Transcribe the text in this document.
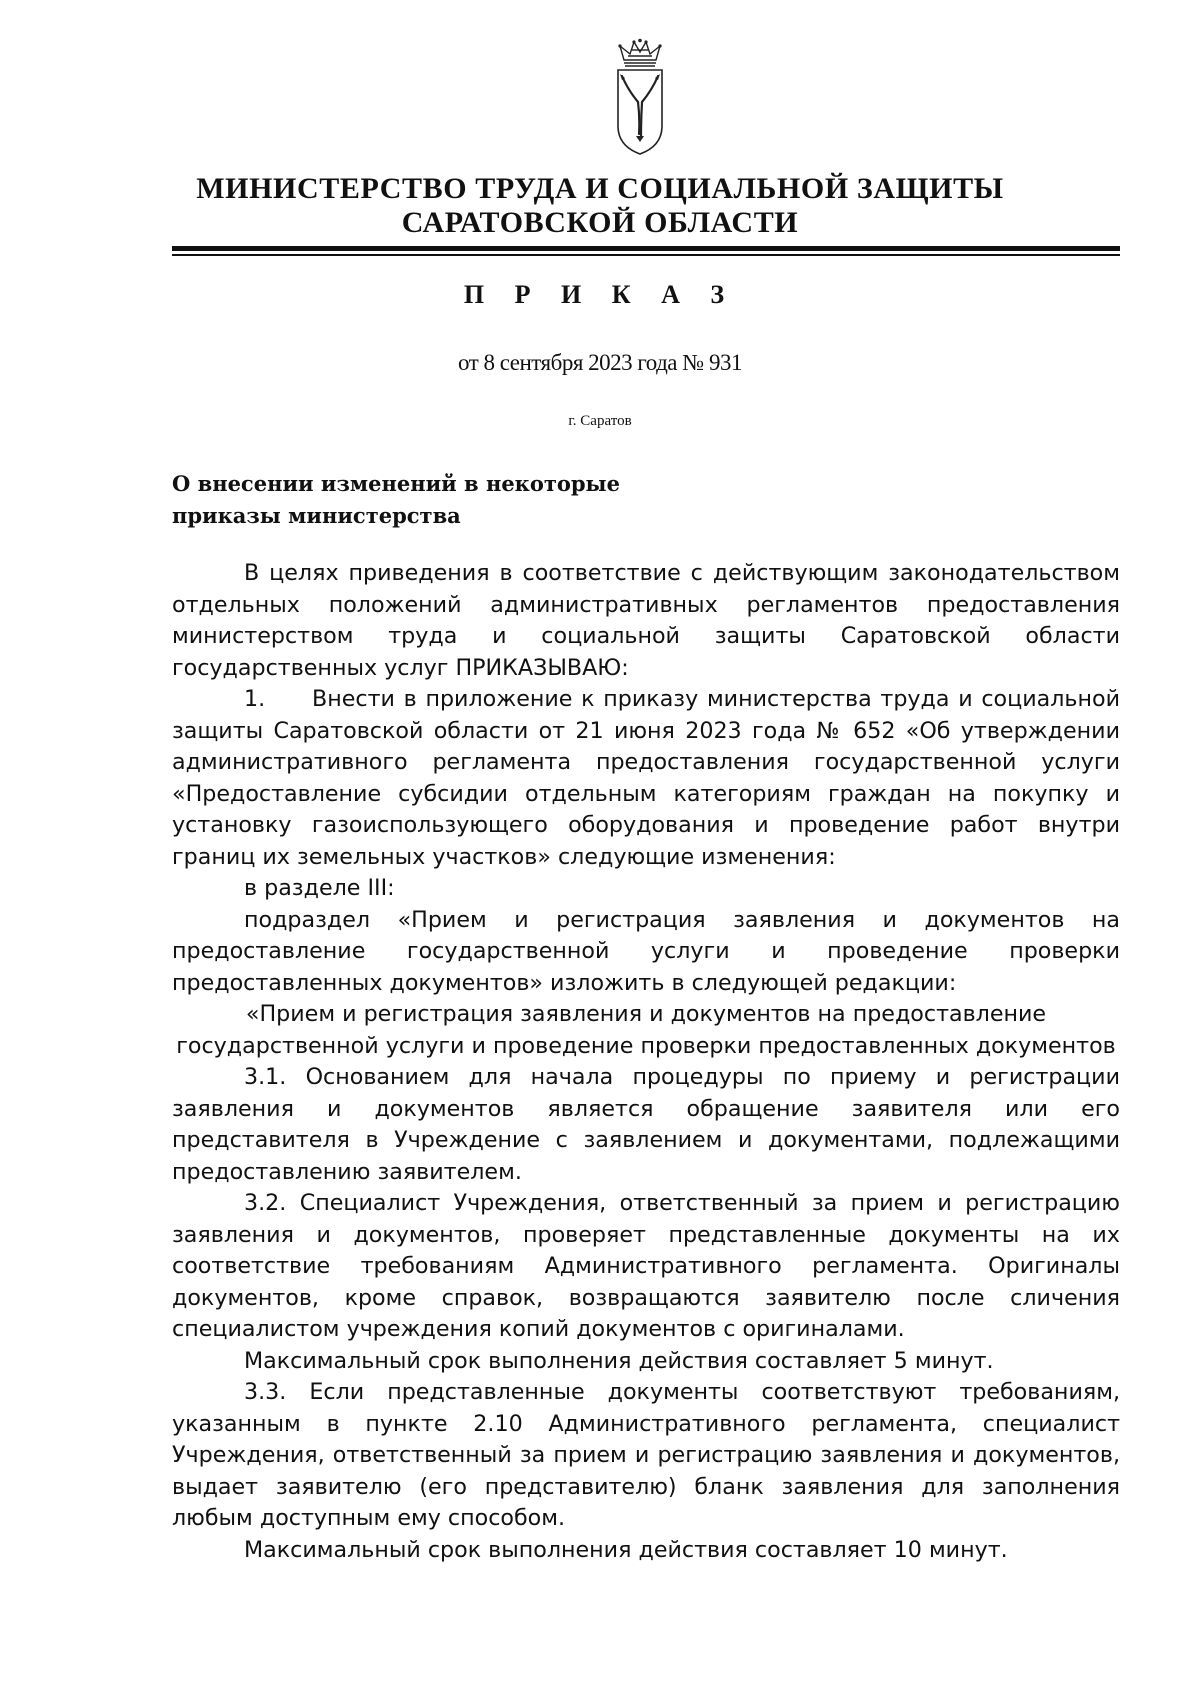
МИНИСТЕРСТВО ТРУДА И СОЦИАЛЬНОЙ ЗАЩИТЫ
САРАТОВСКОЙ ОБЛАСТИ
П Р И К А З
от 8 сентября 2023 года № 931
г. Саратов
О внесении изменений в некоторые
приказы министерства

В целях приведения в соответствие с действующим законодательством отдельных положений административных регламентов предоставления министерством труда и социальной защиты Саратовской области государственных услуг ПРИКАЗЫВАЮ:

1. Внести в приложение к приказу министерства труда и социальной защиты Саратовской области от 21 июня 2023 года № 652 «Об утверждении административного регламента предоставления государственной услуги «Предоставление субсидии отдельным категориям граждан на покупку и установку газоиспользующего оборудования и проведение работ внутри границ их земельных участков» следующие изменения:

в разделе III:

подраздел «Прием и регистрация заявления и документов на предоставление государственной услуги и проведение проверки предоставленных документов» изложить в следующей редакции:

«Прием и регистрация заявления и документов на предоставление

государственной услуги и проведение проверки предоставленных документов

3.1. Основанием для начала процедуры по приему и регистрации заявления и документов является обращение заявителя или его представителя в Учреждение с заявлением и документами, подлежащими предоставлению заявителем.

3.2. Специалист Учреждения, ответственный за прием и регистрацию заявления и документов, проверяет представленные документы на их соответствие требованиям Административного регламента. Оригиналы документов, кроме справок, возвращаются заявителю после сличения специалистом учреждения копий документов с оригиналами.

Максимальный срок выполнения действия составляет 5 минут.

3.3. Если представленные документы соответствуют требованиям, указанным в пункте 2.10 Административного регламента, специалист Учреждения, ответственный за прием и регистрацию заявления и документов, выдает заявителю (его представителю) бланк заявления для заполнения любым доступным ему способом.

Максимальный срок выполнения действия составляет 10 минут.
